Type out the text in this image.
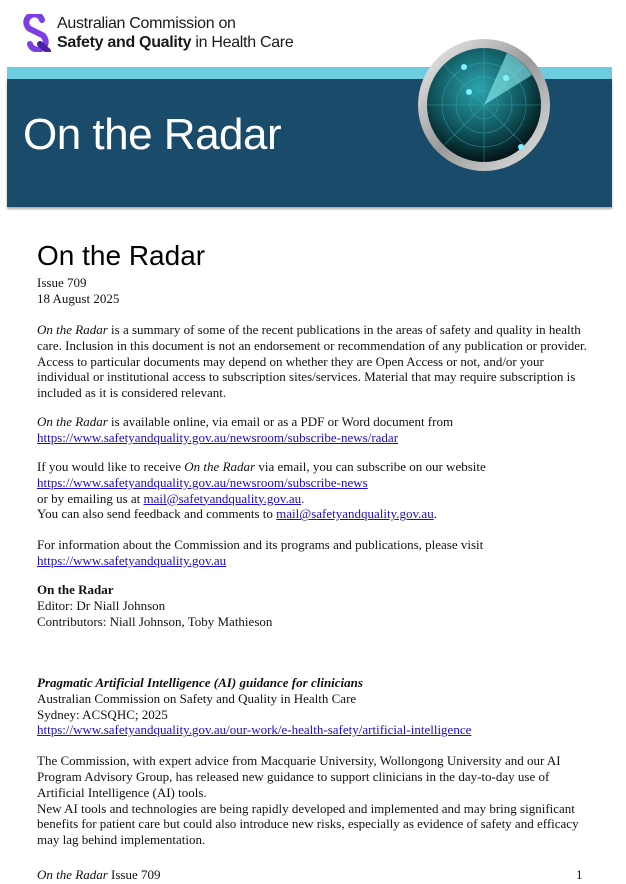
Australian Commission on
Safety and Quality in Health Care
On the Radar
On the Radar
Issue 709
18 August 2025
On the Radar is a summary of some of the recent publications in the areas of safety and quality in health care. Inclusion in this document is not an endorsement or recommendation of any publication or provider. Access to particular documents may depend on whether they are Open Access or not, and/or your individual or institutional access to subscription sites/services. Material that may require subscription is included as it is considered relevant.
On the Radar is available online, via email or as a PDF or Word document from
https://www.safetyandquality.gov.au/newsroom/subscribe-news/radar
If you would like to receive On the Radar via email, you can subscribe on our website
https://www.safetyandquality.gov.au/newsroom/subscribe-news
or by emailing us at mail@safetyandquality.gov.au.
You can also send feedback and comments to mail@safetyandquality.gov.au.
For information about the Commission and its programs and publications, please visit
https://www.safetyandquality.gov.au
On the Radar
Editor: Dr Niall Johnson
Contributors: Niall Johnson, Toby Mathieson
Pragmatic Artificial Intelligence (AI) guidance for clinicians
Australian Commission on Safety and Quality in Health Care
Sydney: ACSQHC; 2025
https://www.safetyandquality.gov.au/our-work/e-health-safety/artificial-intelligence
The Commission, with expert advice from Macquarie University, Wollongong University and our AI Program Advisory Group, has released new guidance to support clinicians in the day-to-day use of Artificial Intelligence (AI) tools.
New AI tools and technologies are being rapidly developed and implemented and may bring significant benefits for patient care but could also introduce new risks, especially as evidence of safety and efficacy may lag behind implementation.
On the Radar Issue 709	1
